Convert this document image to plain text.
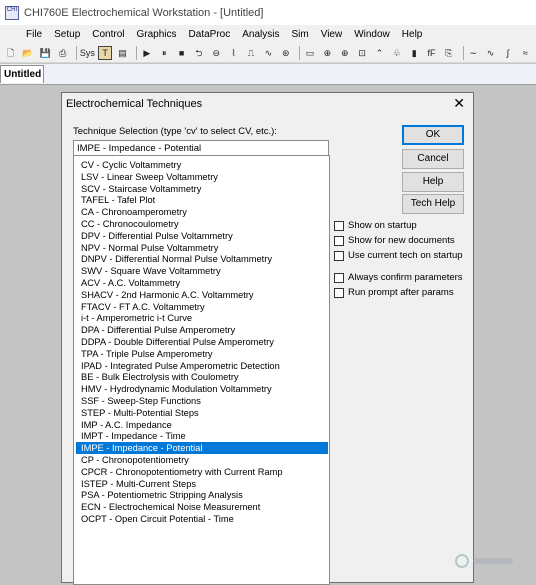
CHI CHI760E Electrochemical Workstation - [Untitled]
File	Setup	Control	Graphics	DataProc	Analysis	Sim	View	Window	Help
🗋 📂 💾 ⎙	Sys T	▤	▶	⏸	■	⮌	⊖	⌇	⎍	∿	⊛	▭	⊕	⊕	⊡	⌃	♧	▮	fF	⎘	∼	∿	∫	≈
Untitled
Electrochemical Techniques	✕
Technique Selection (type 'cv' to select CV, etc.):
IMPE - Impedance - Potential
CV - Cyclic Voltammetry
LSV - Linear Sweep Voltammetry
SCV - Staircase Voltammetry
TAFEL - Tafel Plot
CA - Chronoamperometry
CC - Chronocoulometry
DPV - Differential Pulse Voltammetry
NPV - Normal Pulse Voltammetry
DNPV - Differential Normal Pulse Voltammetry
SWV - Square Wave Voltammetry
ACV - A.C. Voltammetry
SHACV - 2nd Harmonic A.C. Voltammetry
FTACV - FT A.C. Voltammetry
i-t - Amperometric i-t Curve
DPA - Differential Pulse Amperometry
DDPA - Double Differential Pulse Amperometry
TPA - Triple Pulse Amperometry
IPAD - Integrated Pulse Amperometric Detection
BE - Bulk Electrolysis with Coulometry
HMV - Hydrodynamic Modulation Voltammetry
SSF - Sweep-Step Functions
STEP - Multi-Potential Steps
IMP - A.C. Impedance
IMPT - Impedance - Time
IMPE - Impedance - Potential
CP - Chronopotentiometry
CPCR - Chronopotentiometry with Current Ramp
ISTEP - Multi-Current Steps
PSA - Potentiometric Stripping Analysis
ECN - Electrochemical Noise Measurement
OCPT - Open Circuit Potential - Time
OK
Cancel
Help
Tech Help
Show on startup
Show for new documents
Use current tech on startup
Always confirm parameters
Run prompt after params
